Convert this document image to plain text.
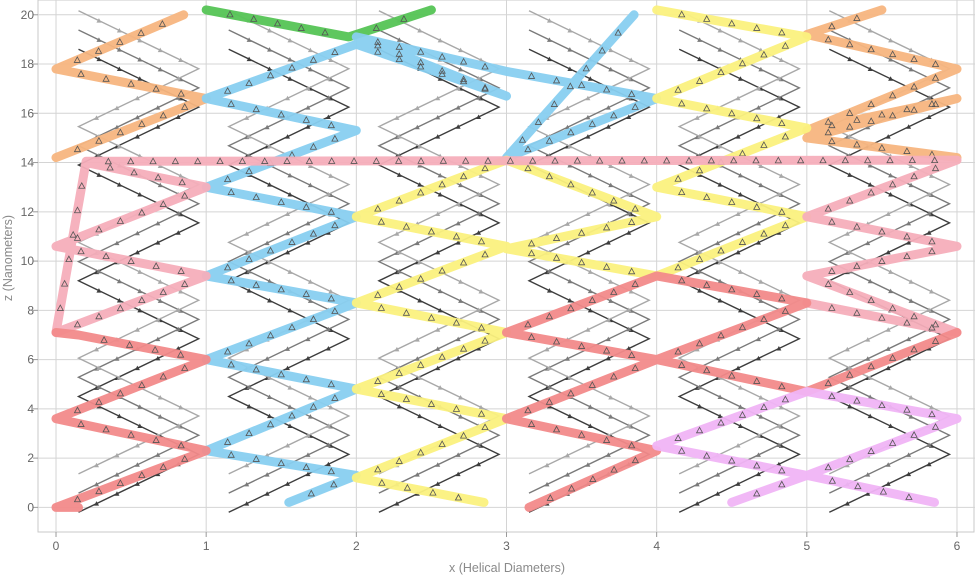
0	1	2	3	4	5	6
0
2
4
6
8
10
12
14
16
18
20
x (Helical Diameters)
z (Nanometers)
